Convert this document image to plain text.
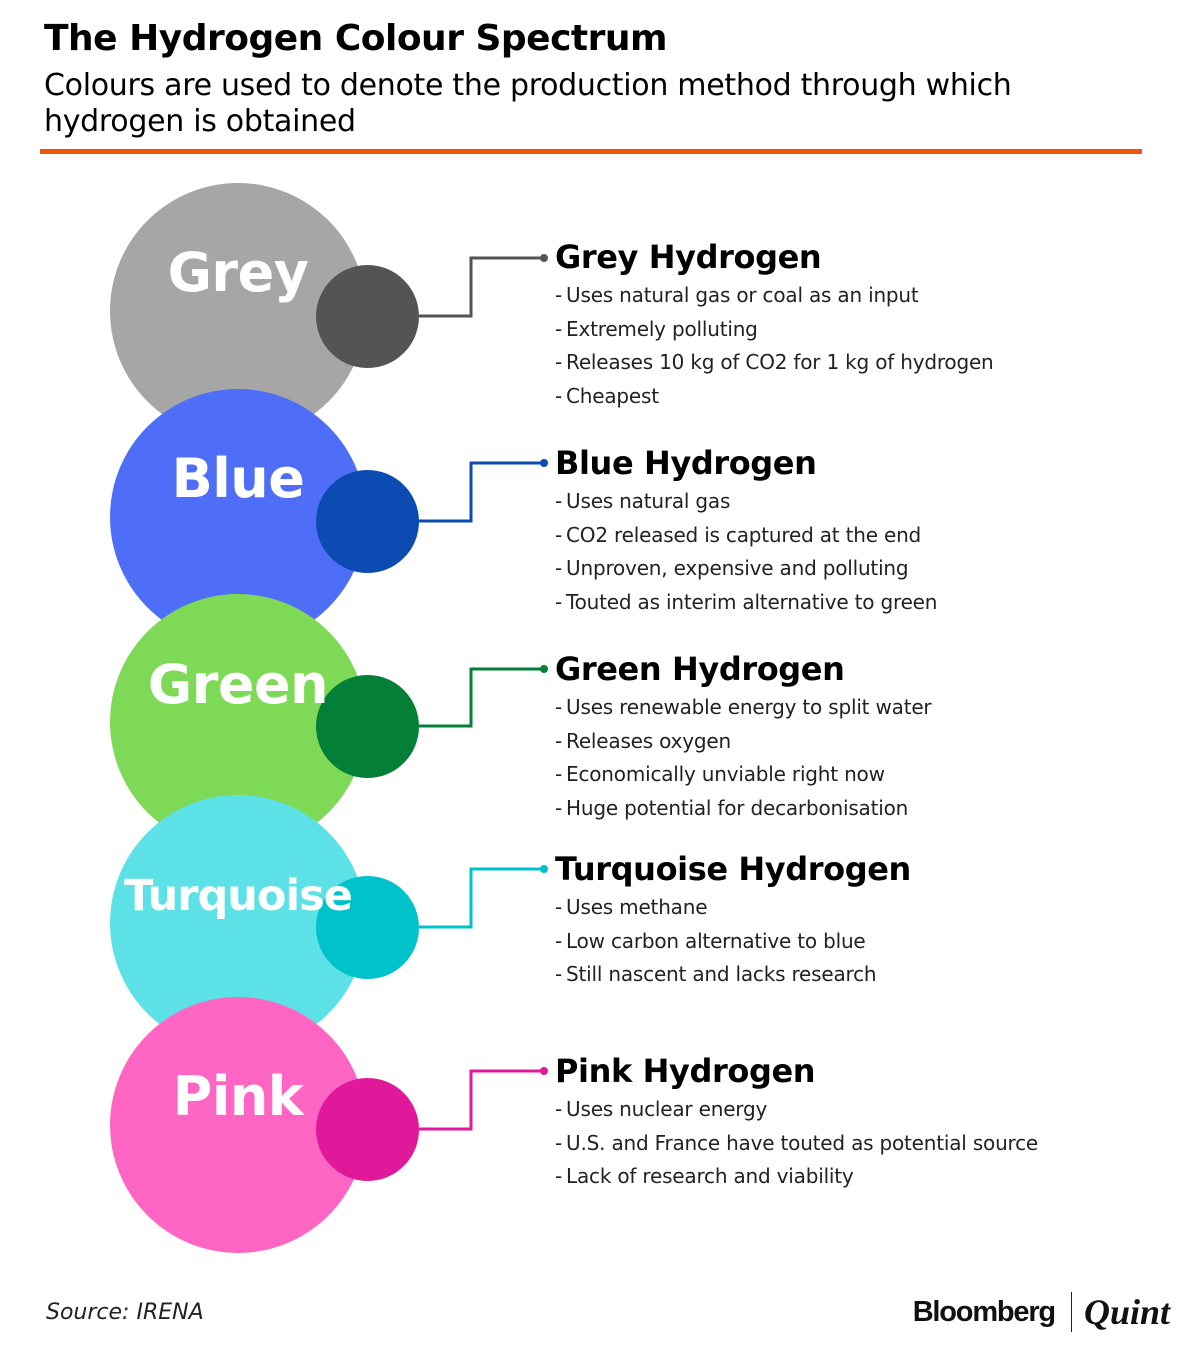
The Hydrogen Colour Spectrum
Colours are used to denote the production method through which hydrogen is obtained
Grey
Blue
Green
Turquoise
Pink
Grey Hydrogen
- Uses natural gas or coal as an input
- Extremely polluting
- Releases 10 kg of CO2 for 1 kg of hydrogen
- Cheapest
Blue Hydrogen
- Uses natural gas
- CO2 released is captured at the end
- Unproven, expensive and polluting
- Touted as interim alternative to green
Green Hydrogen
- Uses renewable energy to split water
- Releases oxygen
- Economically unviable right now
- Huge potential for decarbonisation
Turquoise Hydrogen
- Uses methane
- Low carbon alternative to blue
- Still nascent and lacks research
Pink Hydrogen
- Uses nuclear energy
- U.S. and France have touted as potential source
- Lack of research and viability
Source: IRENA	Bloomberg Quint
